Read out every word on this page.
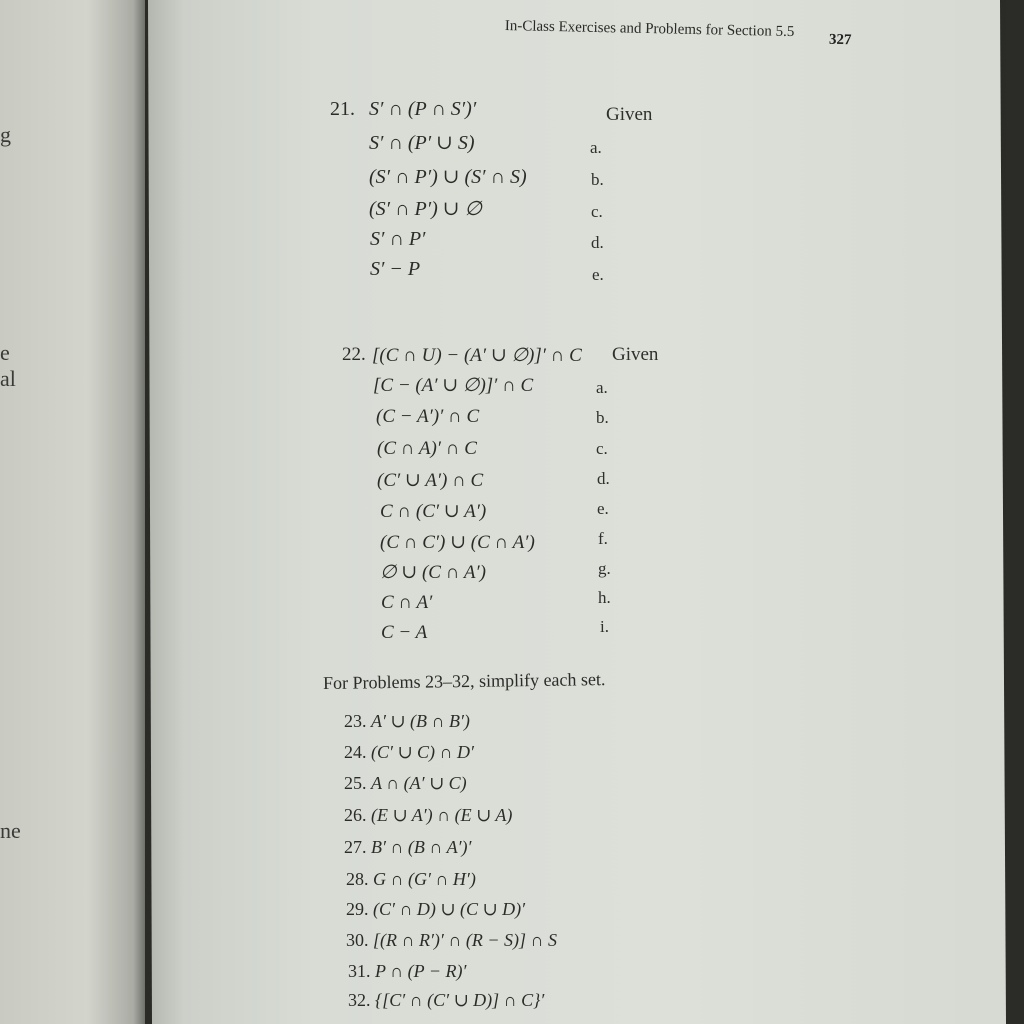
g
e
al
ne
In-Class Exercises and Problems for Section 5.5 327
21. S′ ∩ (P ∩ S′)′	Given
S′ ∩ (P′ ∪ S)	a.
(S′ ∩ P′) ∪ (S′ ∩ S)	b.
(S′ ∩ P′) ∪ ∅	c.
S′ ∩ P′	d.
S′ − P	e.
22. [(C ∩ U) − (A′ ∪ ∅)]′ ∩ C Given
[C − (A′ ∪ ∅)]′ ∩ C	a.
(C − A′)′ ∩ C	b.
(C ∩ A)′ ∩ C	c.
(C′ ∪ A′) ∩ C	d.
C ∩ (C′ ∪ A′)	e.
(C ∩ C′) ∪ (C ∩ A′)	f.
∅ ∪ (C ∩ A′)	g.
C ∩ A′	h.
C − A	i.
For Problems 23–32, simplify each set.
23. A′ ∪ (B ∩ B′)
24. (C′ ∪ C) ∩ D′
25. A ∩ (A′ ∪ C)
26. (E ∪ A′) ∩ (E ∪ A)
27. B′ ∩ (B ∩ A′)′
28. G ∩ (G′ ∩ H′)
29. (C′ ∩ D) ∪ (C ∪ D)′
30. [(R ∩ R′)′ ∩ (R − S)] ∩ S
31. P ∩ (P − R)′
32. {[C′ ∩ (C′ ∪ D)] ∩ C}′
